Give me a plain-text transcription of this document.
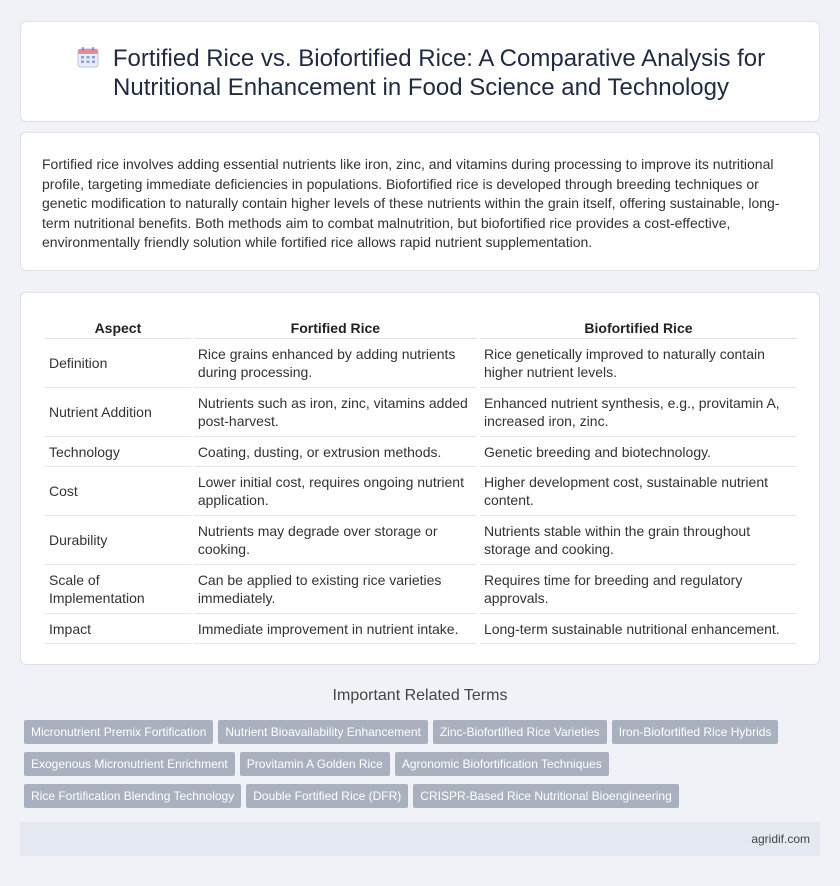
Fortified Rice vs. Biofortified Rice: A Comparative Analysis for Nutritional Enhancement in Food Science and Technology

Fortified rice involves adding essential nutrients like iron, zinc, and vitamins during processing to improve its nutritional profile, targeting immediate deficiencies in populations. Biofortified rice is developed through breeding techniques or genetic modification to naturally contain higher levels of these nutrients within the grain itself, offering sustainable, long-term nutritional benefits. Both methods aim to combat malnutrition, but biofortified rice provides a cost-effective, environmentally friendly solution while fortified rice allows rapid nutrient supplementation.

Aspect	Fortified Rice	Biofortified Rice
Definition	Rice grains enhanced by adding nutrients during processing.	Rice genetically improved to naturally contain higher nutrient levels.
Nutrient Addition	Nutrients such as iron, zinc, vitamins added post-harvest.	Enhanced nutrient synthesis, e.g., provitamin A, increased iron, zinc.
Technology	Coating, dusting, or extrusion methods.	Genetic breeding and biotechnology.
Cost	Lower initial cost, requires ongoing nutrient application.	Higher development cost, sustainable nutrient content.
Durability	Nutrients may degrade over storage or cooking.	Nutrients stable within the grain throughout storage and cooking.
Scale of Implementation	Can be applied to existing rice varieties immediately.	Requires time for breeding and regulatory approvals.
Impact	Immediate improvement in nutrient intake.	Long-term sustainable nutritional enhancement.
Important Related Terms
Micronutrient Premix Fortification Nutrient Bioavailability Enhancement Zinc-Biofortified Rice Varieties Iron-Biofortified Rice Hybrids
Exogenous Micronutrient Enrichment Provitamin A Golden Rice Agronomic Biofortification Techniques
Rice Fortification Blending Technology Double Fortified Rice (DFR) CRISPR-Based Rice Nutritional Bioengineering
agridif.com
